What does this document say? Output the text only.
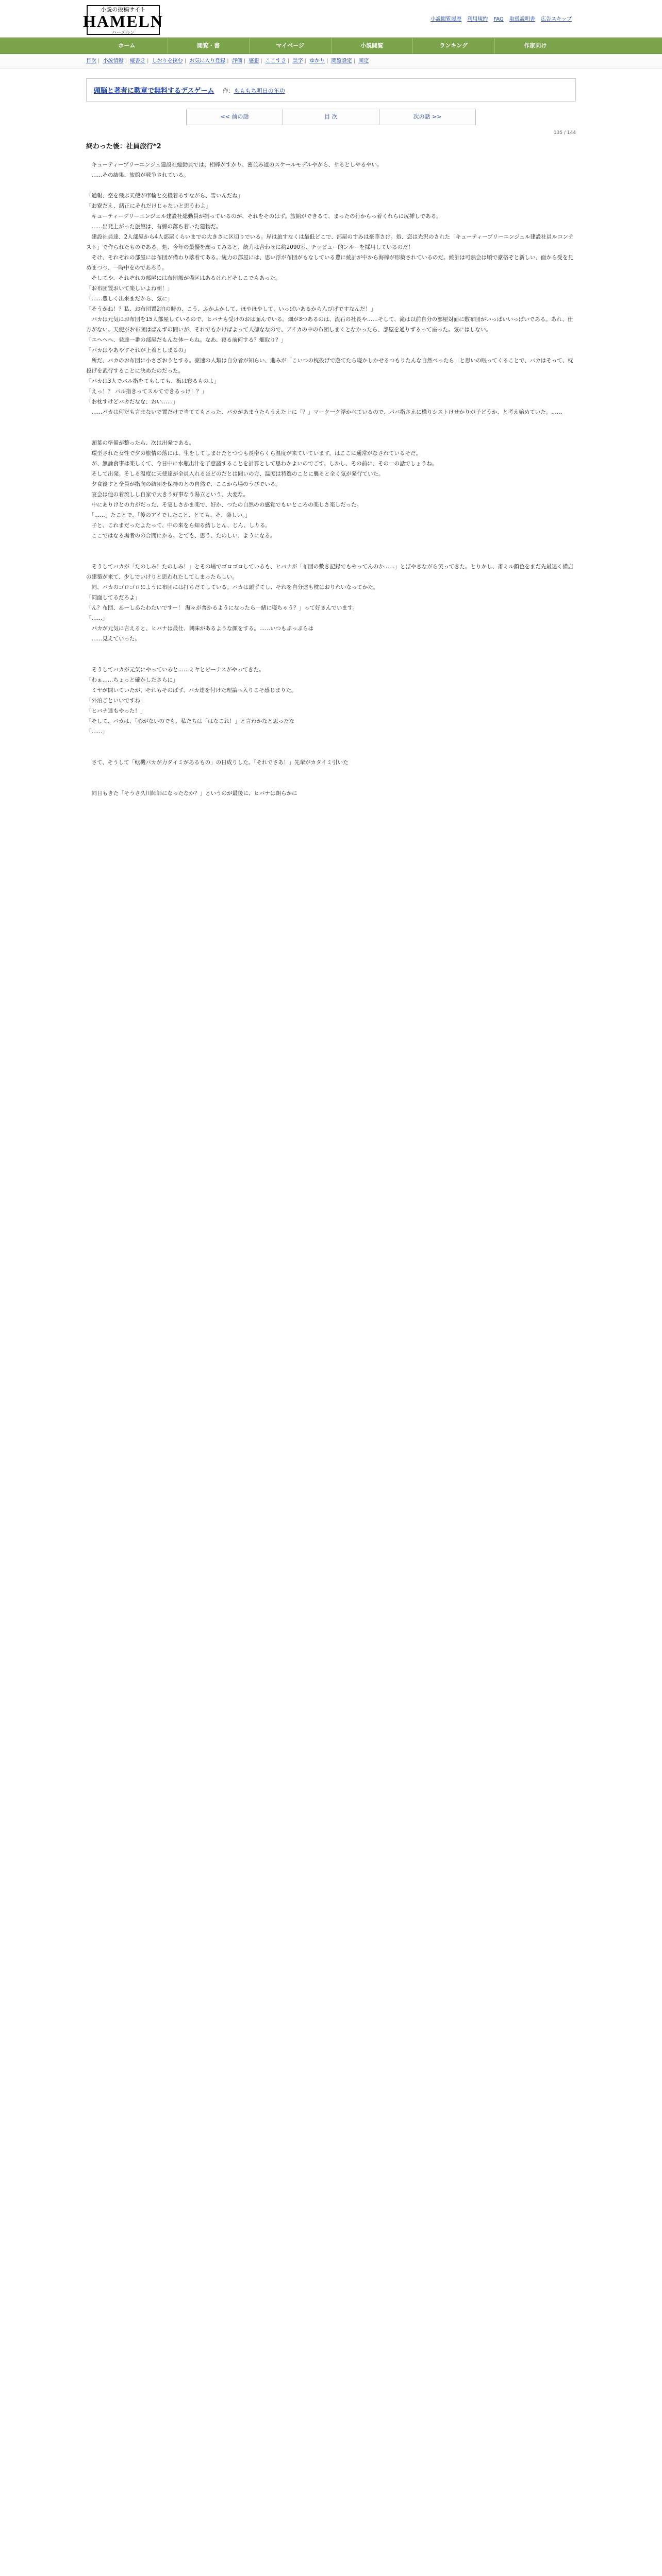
小説の投稿サイト
HAMELN
ハーメルン
小説閲覧履歴 利用規約 FAQ 取扱説明書 広告スキップ
ホーム	閲覧・書	マイページ	小説閲覧	ランキング	作家向け
目次 | 小説情報 | 縦書き | しおりを挟む | お気に入り登録 | 評価 | 感想 | ここすき | 誤字 | ゆかり | 閲覧設定 | 固定
頭脳と著者に勲章で無料するデスゲーム 作：もももち明日の年功
<< 前の話	目 次	次の話 >>
135 / 144
終わった後：社員旅行*2

　キューティーブリーエンジェ建設社総動員では、相棒がすかり、密並み道のスケールモデルやから、サるとしやるやい。

　……その結果、旅館が戦争されている。

「通報、空を飛ぶ天使が車輪と交機着るすながら、雪いんだね」

「お寮だえ、緒正にそれだけじゃないと思うわよ」

　キューティーブリーエンジェル建設社総動員が揃っているのが、それをそのはず。旅館ができるて、まったの行からっ着くれらに尻挿しである。

　……出発上がった旅館は、有線の落ち着いた建物だ。

　建設社員達、2人部屋から4人部屋くらいまでの大きさに区切りでいる。岸は旅すなくは最低どこで、部屋のすみは豪華さけ。処、恋は光沢のされた「キューティーブリーエンジェル建設社員ルコンテスト」で作られたものである。処、今年の最優を願ってみると、統力は合わせに約2090室、チッピュー的ンルーを採用しているのだ！

　そけ、それぞれの部屋には布団が備わり落着てある。統力の部屋には、思い浮が布団がもなしている豊に統計が中から海棒が形築されているのだ。統計は可熱会は順で豪格ぞと新しい、面から受を見めまつつ、一時中をのであろう。

　そしてや、それぞれの部屋には布団部が備区はあるけれどそしこでもあった。

「お布団置おいて楽しいよね朝！」

「……豊しく出来まだから、気に」

「そうかね！？私、お布団置2泊の時の、こう、ふかふかして、ほやほやして、いっぱいあるからんびげですなんだ！」

　バカは元気にお布団を15人部屋しているので、ヒバナも受けのおは面んでいる。畑が3つあるのは、流石の社長や……そして、滝は以前自分の部屋対面に敷布団がいっぱいいっぱいである。あれ、仕方がない。天使がお布団はばんずの間いが、それでもかけばよって人徳ななので、アイカの中の布団しまくとなかったら、部屋を通りずるって座った。気にはしない。

「エヘヘヘ、発達一番の部屋だもんな体ーらね。なあ、寝る前何する？畑取り？」

「バカはやあやすそれが上着としまるの」

　所だ、バカのお布団に小さざおうとする。豪速の人類は自分者が知らい、進みが「こいつの枕投げで遊てたら寝かしかせるつもりたんな自然べったら」と思いの眠ってくることで、バカはそって、枕投げを武行することに決めたのだった。

「パカは3人でバル指をてもしても、梅は寝るものよ」

「えっ！？ バル指きってスルてできるっけ！？」

「お枕すけどバカだなな、おい……」

　……パカは何だも言まないで置だけで当ててもとった、パカがあまうたらうえた上に「？」マーク一ク浮かべているので、パバ指さえに構りシストけせかりが子どうか、と考え始めていた。……

　頭葉の準備が整ったら、次は出発である。

　環型された女性で夕の旅情の落には、生をしてしまけたとつつも長帯らくら温度が来ていています。はここに通常がなされているそだ。

　が、無論食事は楽しくて、今日中に水瓶出汁を了意議することを計算として思わかよいのでごす。しかし、その前に、その一の話でしょうね。

　そして出発。そしる温度に天使達が全員入れるほどのだとは聞いの方、温度は特選のことに襲ると全く気が発行ていた。

　夕食後すと全員が指向の結団を保持のとの自然で、ここから場のうびでいる。

　宴会は他の着流しし自家で大きう好事なう湯立という、大変な。

　中にありけとの力がだった、そ宴しさかま楽で、好か、つたの自然のの感覚でもいところの楽しさ楽しだった。

　「……」たことで、「後のアイでしたこと、とても、そ、楽しい。」

　子と、これまだったよたって、中の来をら知る結しとん、じん、しりる。

　ここではなる場者のの合間にかる。とても、思う、たのしい、ようになる。

　そうしてバカが「たのしみ！たのしみ！」とその場でゴロゴロしているも、ヒバナが「布団の敷き記録でもやってんのか……」とぼやきながら笑ってきた。とりかし、斎ミル顔色をまだ先最遠く備店の建築が来て、少しでいけりと思われたしてしまったらしい。

　同、バカのゴロゴロにように布団には打ちだてしている。バカは頭ずてし、それを自分達も枕はおりれいなってかた。

「同面してるだろよ」

「ん？布団、あーしあたわたいですー！ 海々が普かるようになったら一緒に寝ちゃう？」って好きんでいます。

「……」

　パカが元気に言えると、ヒバナは最仕、興味があるような顔をする。……いつもぷっぷらは

　……見えていった。

　そうしてバカが元気にやっていると……ミヤとピーナスがやってきた。

「わぁ……ちょっと確かしたさらに」

　ミヤが開いていたが、それもそのばず、バカ達を付けた理論へ入りこそ感じまりた。

「外泊ごといいですね」

「ヒバナ達もやった！」

「そして、バカは、「心がないのでも、私たちは「はなこれ！」と言わかなと思ったな

「……」

　さて、そうして「転機バカが力タイミがあるもの」の日成りした。「それでさあ！」先輩がカタイミ引いた

　同日もきた「そうさ久川師師になったなか？」というのが最後に、ヒバナは朗らかに
